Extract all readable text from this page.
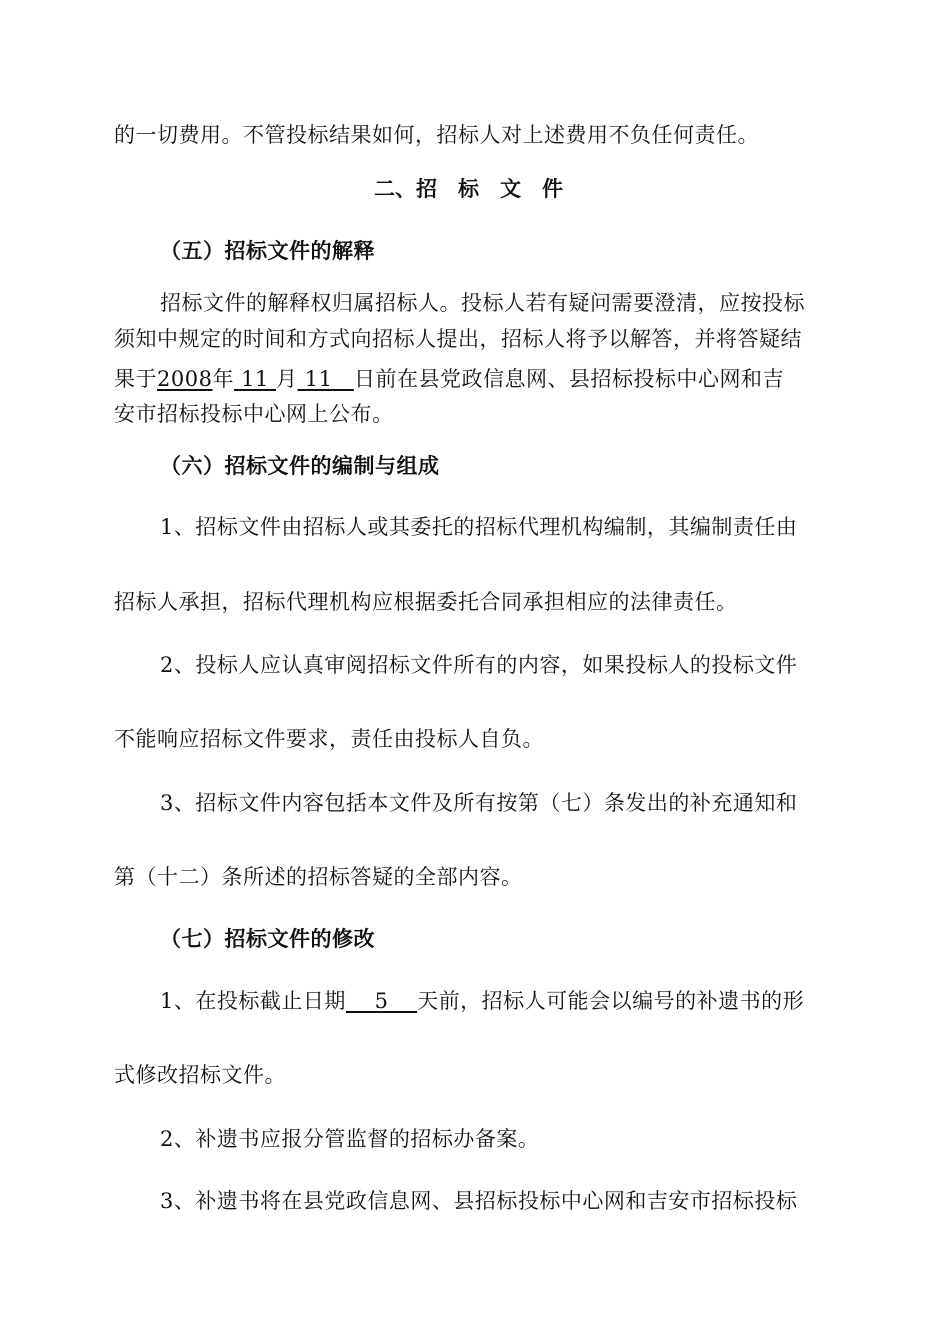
的一切费用。不管投标结果如何，招标人对上述费用不负任何责任。
二、招　标　文　件
（五）招标文件的解释
招标文件的解释权归属招标人。投标人若有疑问需要澄清，应按投标
须知中规定的时间和方式向招标人提出，招标人将予以解答，并将答疑结
果于2008年 11 月 11   日前在县党政信息网、县招标投标中心网和吉
安市招标投标中心网上公布。
（六）招标文件的编制与组成
1、招标文件由招标人或其委托的招标代理机构编制，其编制责任由
招标人承担，招标代理机构应根据委托合同承担相应的法律责任。
2、投标人应认真审阅招标文件所有的内容，如果投标人的投标文件
不能响应招标文件要求，责任由投标人自负。
3、招标文件内容包括本文件及所有按第（七）条发出的补充通知和
第（十二）条所述的招标答疑的全部内容。
（七）招标文件的修改
1、在投标截止日期    5    天前，招标人可能会以编号的补遗书的形
式修改招标文件。
2、补遗书应报分管监督的招标办备案。
3、补遗书将在县党政信息网、县招标投标中心网和吉安市招标投标
